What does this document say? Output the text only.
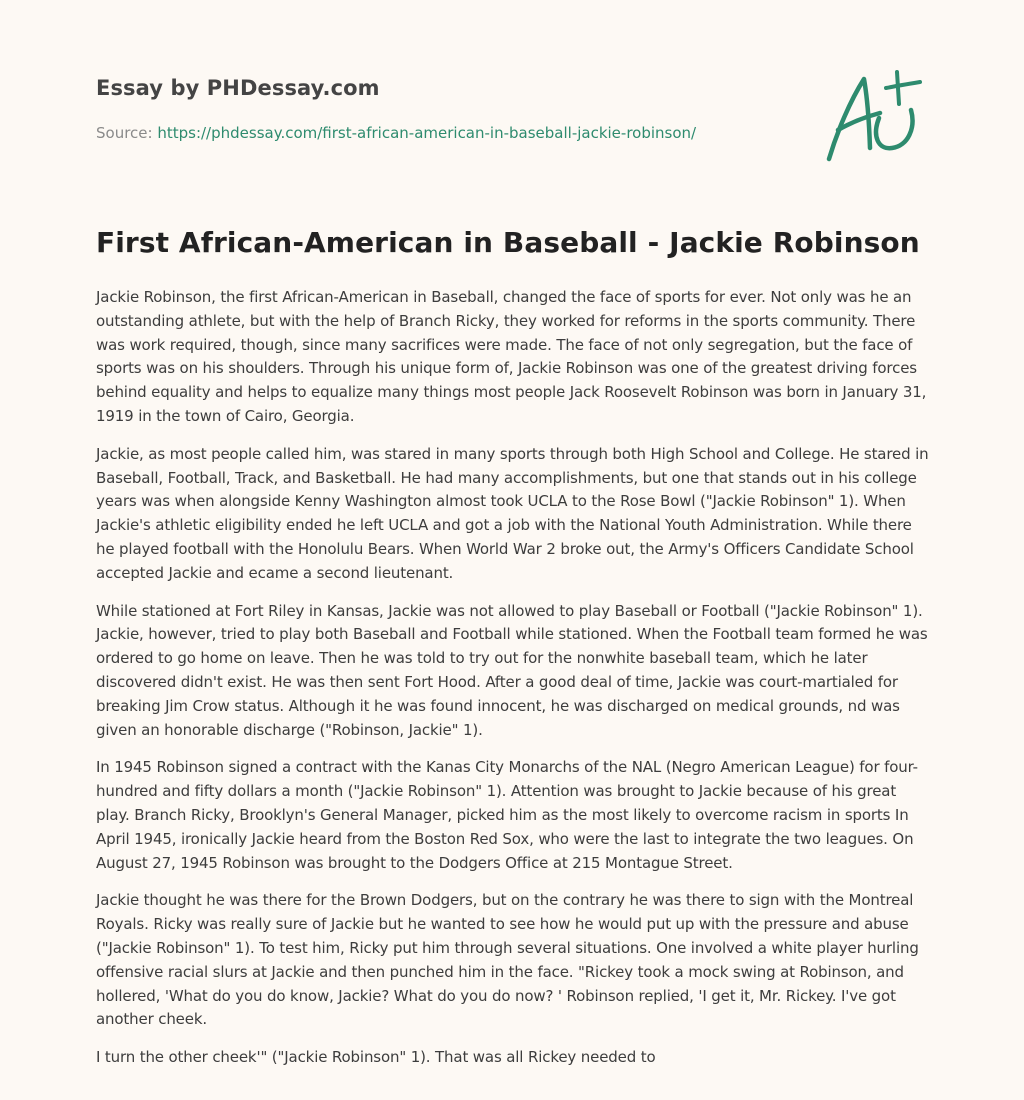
Essay by PHDessay.com
Source: https://phdessay.com/first-african-american-in-baseball-jackie-robinson/
First African-American in Baseball - Jackie Robinson

Jackie Robinson, the first African-American in Baseball, changed the face of sports for ever. Not only was he an outstanding athlete, but with the help of Branch Ricky, they worked for reforms in the sports community. There was work required, though, since many sacrifices were made. The face of not only segregation, but the face of sports was on his shoulders. Through his unique form of, Jackie Robinson was one of the greatest driving forces behind equality and helps to equalize many things most people Jack Roosevelt Robinson was born in January 31, 1919 in the town of Cairo, Georgia.

Jackie, as most people called him, was stared in many sports through both High School and College. He stared in Baseball, Football, Track, and Basketball. He had many accomplishments, but one that stands out in his college years was when alongside Kenny Washington almost took UCLA to the Rose Bowl ("Jackie Robinson" 1). When Jackie's athletic eligibility ended he left UCLA and got a job with the National Youth Administration. While there he played football with the Honolulu Bears. When World War 2 broke out, the Army's Officers Candidate School accepted Jackie and ecame a second lieutenant.

While stationed at Fort Riley in Kansas, Jackie was not allowed to play Baseball or Football ("Jackie Robinson" 1). Jackie, however, tried to play both Baseball and Football while stationed. When the Football team formed he was ordered to go home on leave. Then he was told to try out for the nonwhite baseball team, which he later discovered didn't exist. He was then sent Fort Hood. After a good deal of time, Jackie was court-martialed for breaking Jim Crow status. Although it he was found innocent, he was discharged on medical grounds, nd was given an honorable discharge ("Robinson, Jackie" 1).

In 1945 Robinson signed a contract with the Kanas City Monarchs of the NAL (Negro American League) for four-hundred and fifty dollars a month ("Jackie Robinson" 1). Attention was brought to Jackie because of his great play. Branch Ricky, Brooklyn's General Manager, picked him as the most likely to overcome racism in sports In April 1945, ironically Jackie heard from the Boston Red Sox, who were the last to integrate the two leagues. On August 27, 1945 Robinson was brought to the Dodgers Office at 215 Montague Street.

Jackie thought he was there for the Brown Dodgers, but on the contrary he was there to sign with the Montreal Royals. Ricky was really sure of Jackie but he wanted to see how he would put up with the pressure and abuse ("Jackie Robinson" 1). To test him, Ricky put him through several situations. One involved a white player hurling offensive racial slurs at Jackie and then punched him in the face. "Rickey took a mock swing at Robinson, and hollered, 'What do you do know, Jackie? What do you do now? ' Robinson replied, 'I get it, Mr. Rickey. I've got another cheek.

I turn the other cheek'" ("Jackie Robinson" 1). That was all Rickey needed to
